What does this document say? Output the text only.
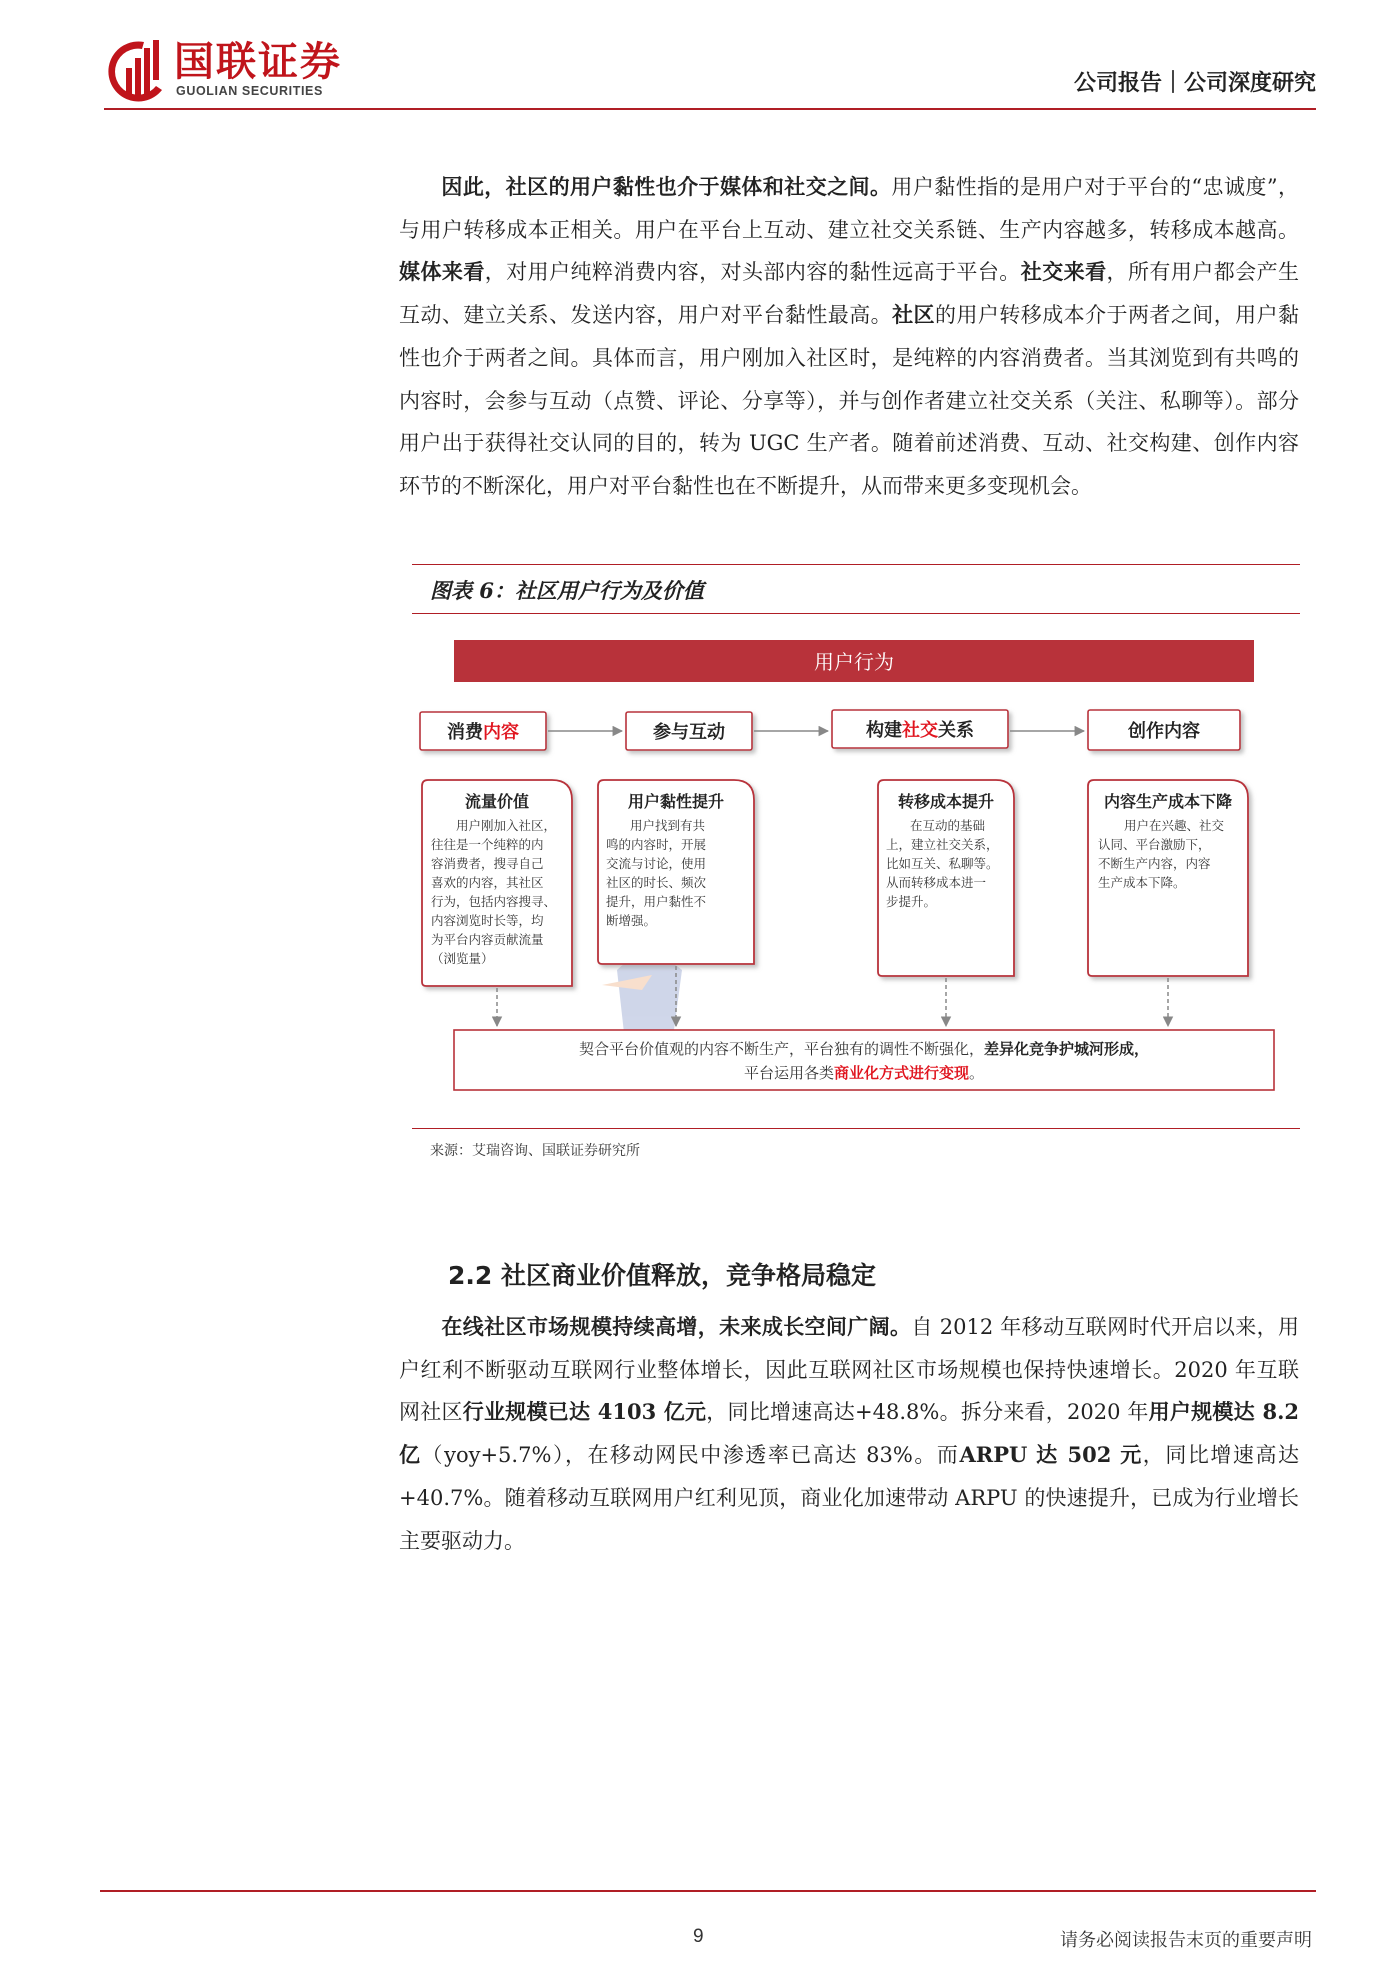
国联证券
GUOLIAN SECURITIES	公司报告｜公司深度研究
  因此，社区的用户黏性也介于媒体和社交之间。用户黏性指的是用户对于平台的“忠诚度”，与用户转移成本正相关。用户在平台上互动、建立社交关系链、生产内容越多，转移成本越高。媒体来看，对用户纯粹消费内容，对头部内容的黏性远高于平台。社交来看，所有用户都会产生互动、建立关系、发送内容，用户对平台黏性最高。社区的用户转移成本介于两者之间，用户黏性也介于两者之间。具体而言，用户刚加入社区时，是纯粹的内容消费者。当其浏览到有共鸣的内容时，会参与互动（点赞、评论、分享等），并与创作者建立社交关系（关注、私聊等）。部分用户出于获得社交认同的目的，转为 UGC 生产者。随着前述消费、互动、社交构建、创作内容环节的不断深化，用户对平台黏性也在不断提升，从而带来更多变现机会。
图表 6：社区用户行为及价值
用户行为
消费内容	参与互动	构建社交关系	创作内容
流量价值
用户刚加入社区，
往往是一个纯粹的内
容消费者，搜寻自己
喜欢的内容，其社区
行为，包括内容搜寻、
内容浏览时长等，均
为平台内容贡献流量
（浏览量）
用户黏性提升
用户找到有共
鸣的内容时，开展
交流与讨论，使用
社区的时长、频次
提升，用户黏性不
断增强。
转移成本提升
在互动的基础
上，建立社交关系，
比如互关、私聊等。
从而转移成本进一
步提升。
内容生产成本下降
用户在兴趣、社交
认同、平台激励下，
不断生产内容，内容
生产成本下降。
契合平台价值观的内容不断生产，平台独有的调性不断强化，差异化竞争护城河形成，
平台运用各类商业化方式进行变现。
来源：艾瑞咨询、国联证券研究所
2.2 社区商业价值释放，竞争格局稳定
  在线社区市场规模持续高增，未来成长空间广阔。自 2012 年移动互联网时代开启以来，用户红利不断驱动互联网行业整体增长，因此互联网社区市场规模也保持快速增长。2020 年互联网社区行业规模已达 4103 亿元，同比增速高达+48.8%。拆分来看，2020 年用户规模达 8.2 亿（yoy+5.7%），在移动网民中渗透率已高达 83%。而ARPU 达 502 元，同比增速高达+40.7%。随着移动互联网用户红利见顶，商业化加速带动 ARPU 的快速提升，已成为行业增长主要驱动力。
9	请务必阅读报告末页的重要声明
